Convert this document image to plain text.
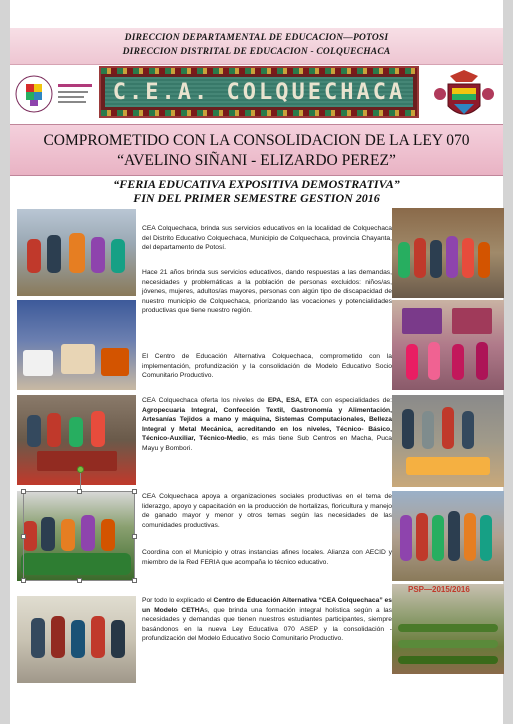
DIRECCION DEPARTAMENTAL DE EDUCACION—POTOSI
DIRECCION DISTRITAL DE EDUCACION - COLQUECHACA
C.E.A. COLQUECHACA
COMPROMETIDO CON LA CONSOLIDACION DE LA LEY 070
“AVELINO SIÑANI - ELIZARDO PEREZ”
“FERIA EDUCATIVA EXPOSITIVA DEMOSTRATIVA”
FIN DEL PRIMER SEMESTRE GESTION 2016
PSP—2015/2016

CEA Colquechaca, brinda sus servicios educativos en la localidad de Colquechaca del Distrito Educativo Colquechaca, Municipio de Colquechaca, provincia Chayanta, del departamento de Potosí.

Hace 21 años brinda sus servicios educativos, dando respuestas a las demandas, necesidades y problemáticas a la población de personas excluidos: niños/as, jóvenes, mujeres, adultos/as mayores, personas con algún tipo de discapacidad de nuestro municipio de Colquechaca, priorizando las vocaciones y potencialidades productivas que tiene nuestro región.

El Centro de Educación Alternativa Colquechaca, comprometido con la implementación, profundización y la consolidación de Modelo Educativo Socio Comunitario Productivo.

CEA Colquechaca oferta los niveles de EPA, ESA, ETA con especialidades de: Agropecuaria Integral, Confección Textil, Gastronomía y Alimentación, Artesanías Tejidos a mano y máquina, Sistemas Computacionales, Belleza Integral y Metal Mecánica, acreditando en los niveles, Técnico- Básico, Técnico-Auxiliar, Técnico-Medio, es más tiene Sub Centros en Macha, Puca Mayu y Bombori.

CEA Colquechaca apoya a organizaciones sociales productivas en el tema de liderazgo, apoyo y capacitación en la producción de hortalizas, floricultura y manejo de ganado mayor y menor y otros temas según las necesidades de las comunidades productivas.

Coordina con el Municipio y otras instancias afines locales. Alianza con AECID y miembro de la Red FERIA que acompaña lo técnico educativo.

Por todo lo explicado el Centro de Educación Alternativa “CEA Colquechaca” es un Modelo CETHAs, que brinda una formación integral holística según a las necesidades y demandas que tienen nuestros estudiantes participantes, siempre basándonos en la nueva Ley Educativa 070 ASEP y la consolidación - profundización del Modelo Educativo Socio Comunitario Productivo.
